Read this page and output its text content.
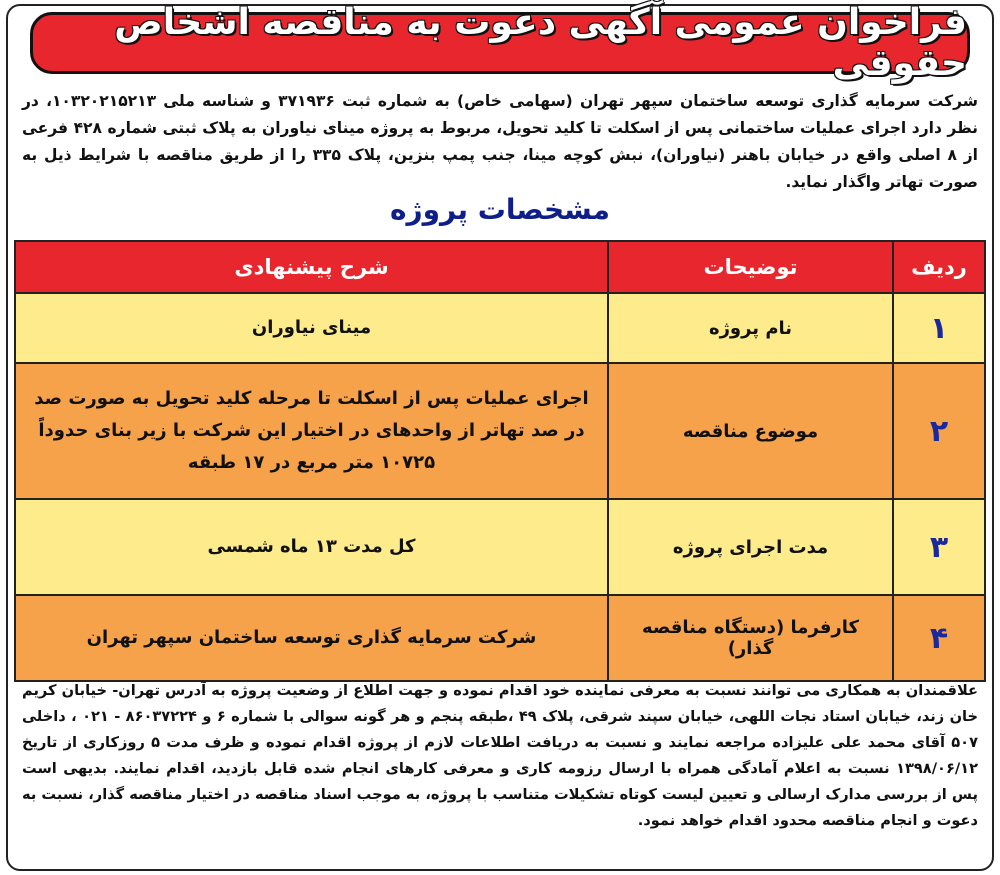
فراخوان عمومی آگهی دعوت به مناقصه اشخاص حقوقی

شرکت سرمایه گذاری توسعه ساختمان سپهر تهران (سهامی خاص) به شماره ثبت ۳۷۱۹۳۶ و شناسه ملی ۱۰۳۲۰۲۱۵۲۱۳، در نظر دارد اجرای عملیات ساختمانی پس از اسکلت تا کلید تحویل، مربوط به پروژه مینای نیاوران به پلاک ثبتی شماره ۴۲۸ فرعی از ۸ اصلی واقع در خیابان باهنر (نیاوران)، نبش کوچه مینا، جنب پمپ بنزین، پلاک ۳۳۵ را از طریق مناقصه با شرایط ذیل به صورت تهاتر واگذار نماید.

مشخصات پروژه
ردیف	توضیحات	شرح پیشنهادی
۱	نام پروژه	مینای نیاوران
۲	موضوع مناقصه	اجرای عملیات پس از اسکلت تا مرحله کلید تحویل به صورت صد در صد تهاتر از واحدهای در اختیار این شرکت با زیر بنای حدوداً ۱۰۷۲۵ متر مربع در ۱۷ طبقه
۳	مدت اجرای پروژه	کل مدت ۱۳ ماه شمسی
۴	کارفرما (دستگاه مناقصه گذار)	شرکت سرمایه گذاری توسعه ساختمان سپهر تهران

علاقمندان به همکاری می توانند نسبت به معرفی نماینده خود اقدام نموده و جهت اطلاع از وضعیت پروژه به آدرس تهران- خیابان کریم خان زند، خیابان استاد نجات اللهی، خیابان سپند شرقی، پلاک ۴۹ ،طبقه پنجم و هر گونه سوالی با شماره ۶ و ۸۶۰۳۷۲۲۴ - ۰۲۱ ، داخلی ۵۰۷ آقای محمد علی علیزاده مراجعه نمایند و نسبت به دریافت اطلاعات لازم از پروژه اقدام نموده و ظرف مدت ۵ روزکاری از تاریخ ۱۳۹۸/۰۶/۱۲ نسبت به اعلام آمادگی همراه با ارسال رزومه کاری و معرفی کارهای انجام شده قابل بازدید، اقدام نمایند. بدیهی است پس از بررسی مدارک ارسالی و تعیین لیست کوتاه تشکیلات متناسب با پروژه، به موجب اسناد مناقصه در اختیار مناقصه گذار، نسبت به دعوت و انجام مناقصه محدود اقدام خواهد نمود.
